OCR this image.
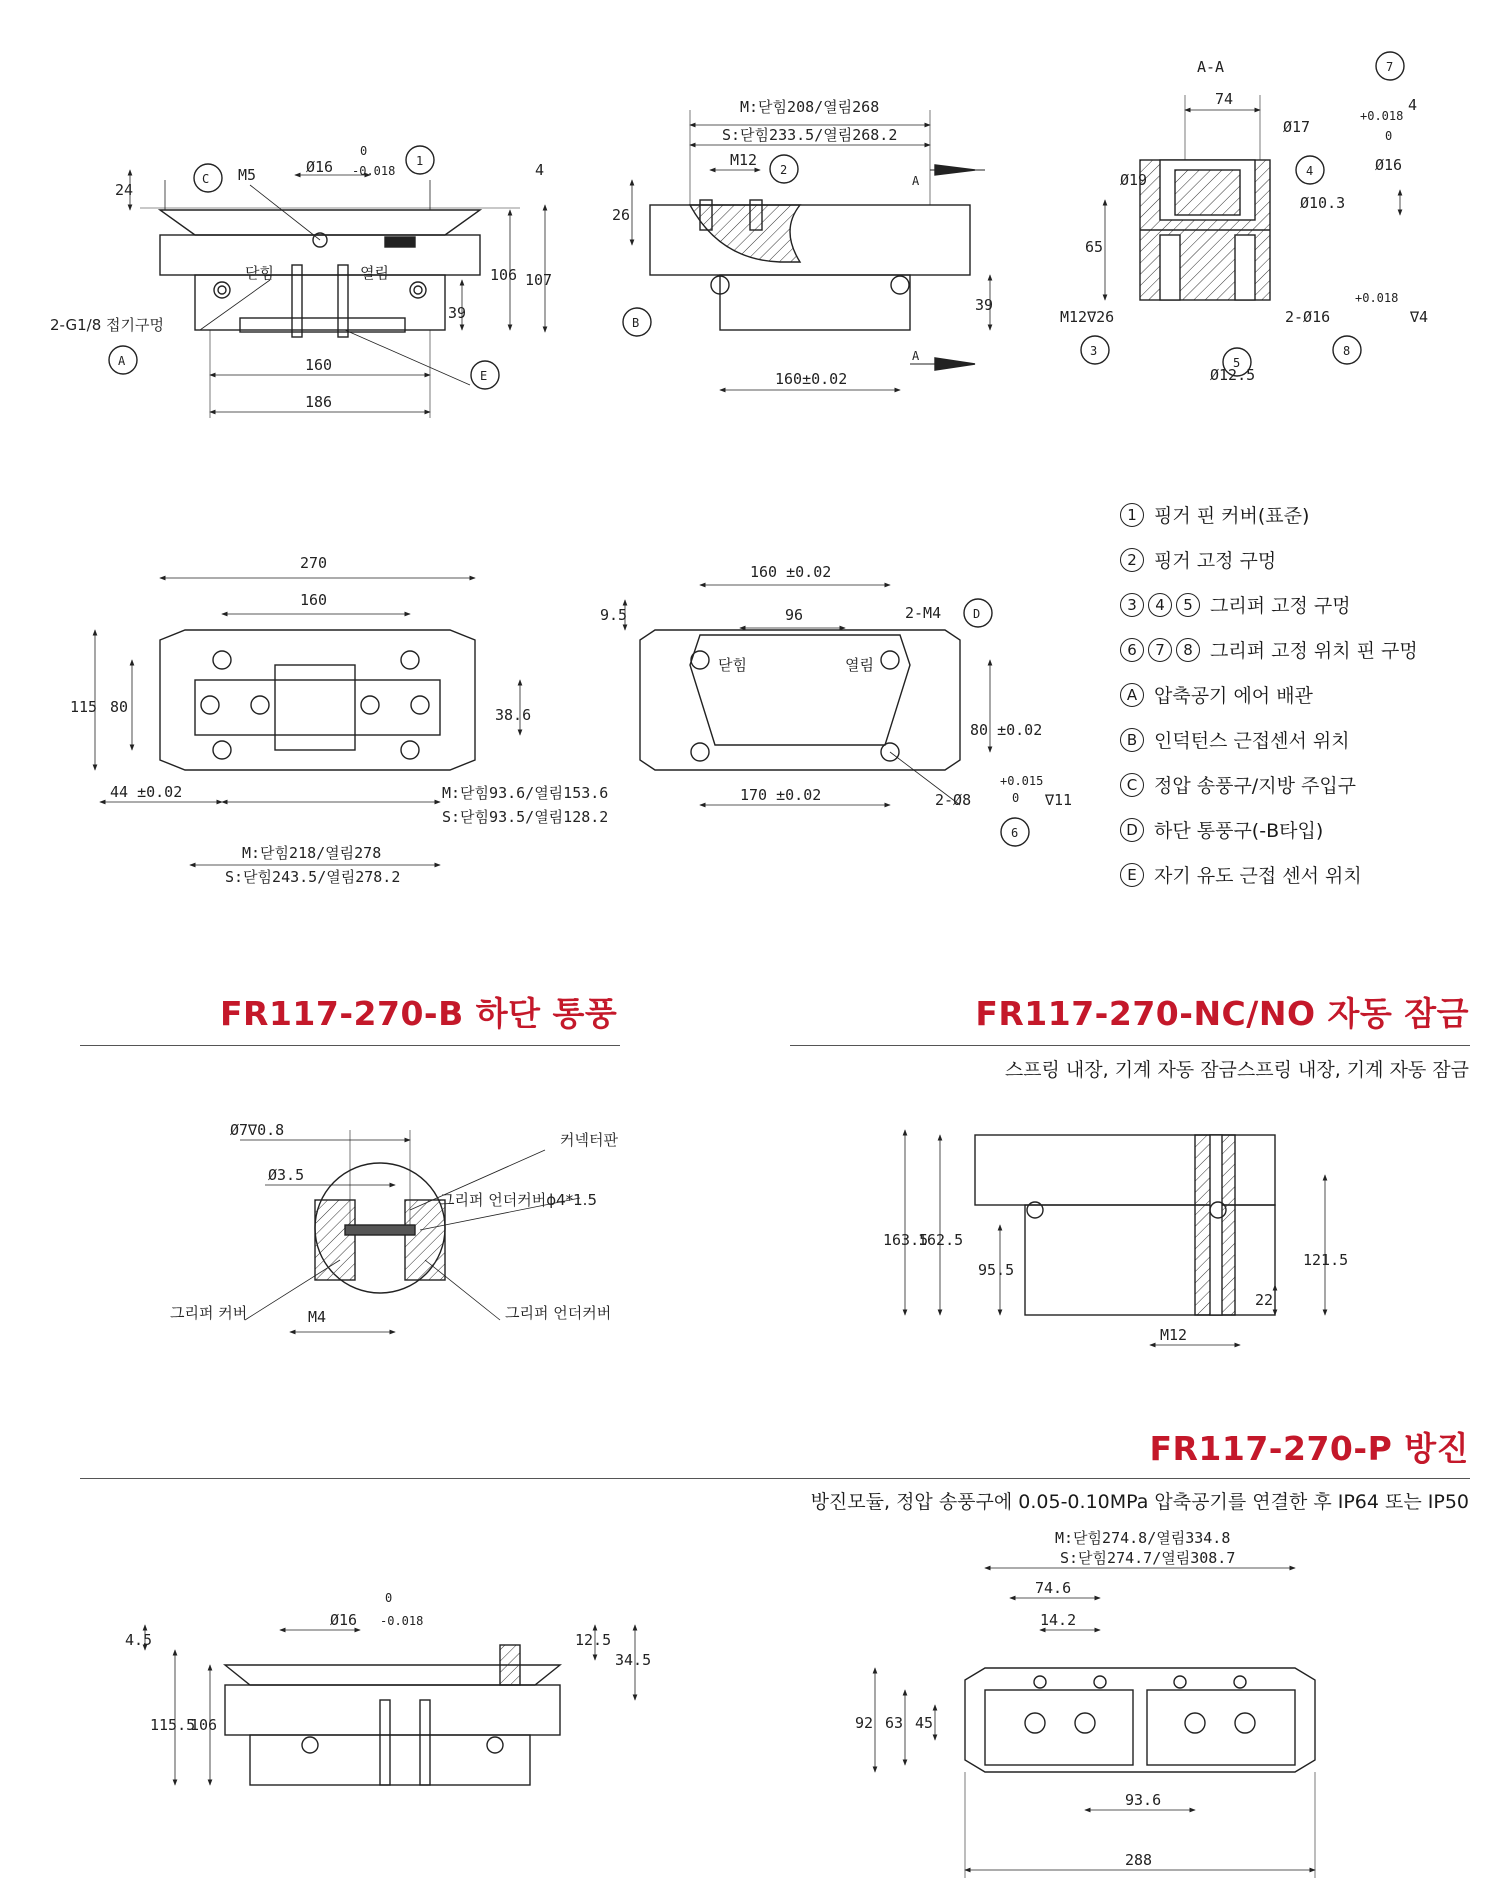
C
1
A
E
M5	Ø16
0
-0.018
24
4
106 107
39
160
186
닫힘	열림
2-G1/8 접기구멍
M:닫힘208/열림268
S:닫힘233.5/열림268.2
M12
2
26
39
160±0.02
A
A
B
A-A
74
Ø17
Ø19
Ø10.3
+0.018
0
Ø16
4
65
M12∇26
Ø12.5
2-Ø16	∇4
+0.018
3
4
5
7
8
270
160
115 80	38.6
44 ±0.02	M:닫힘93.6/열림153.6
S:닫힘93.5/열림128.2
M:닫힘218/열림278
S:닫힘243.5/열림278.2
160 ±0.02
96
9.5	2-M4	D
닫힘	열림
80 ±0.02
170 ±0.02	2-Ø8
+0.015
0 ∇11
6
Ø7∇0.8
Ø3.5
커넥터판
그리퍼 언더커버ɸ4*1.5
그리퍼 커버	M4	그리퍼 언더커버
163.5
162.5
95.5
121.5
22
M12
4.5
115.5
106
Ø16
0
-0.018
12.5
34.5
M:닫힘274.8/열림334.8
S:닫힘274.7/열림308.7
74.6
14.2
92 63 45
93.6
288
1 핑거 핀 커버(표준)
2 핑거 고정 구멍
3	4	5 그리퍼 고정 구멍
6	7	8 그리퍼 고정 위치 핀 구멍
A 압축공기 에어 배관
B 인덕턴스 근접센서 위치
C 정압 송풍구/지방 주입구
D 하단 통풍구(-B타입)
E 자기 유도 근접 센서 위치
FR117-270-B 하단 통풍	FR117-270-NC/NO 자동 잠금
스프링 내장, 기계 자동 잠금스프링 내장, 기계 자동 잠금
FR117-270-P 방진
방진모듈, 정압 송풍구에 0.05-0.10MPa 압축공기를 연결한 후 IP64 또는 IP50
